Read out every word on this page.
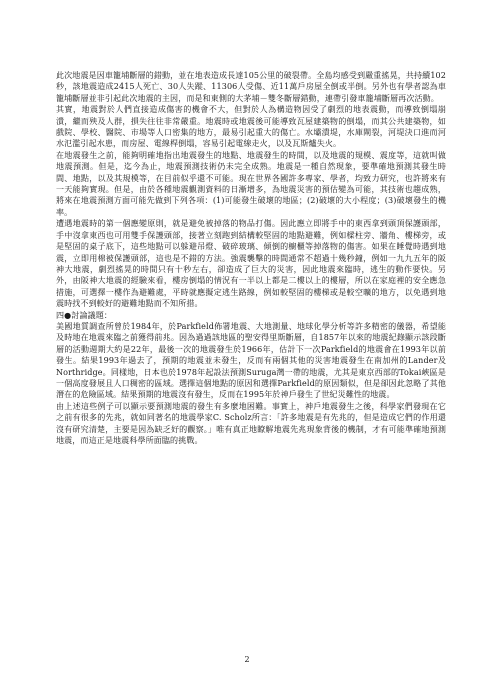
此次地震是因車籠埔斷層的錯動，並在地表造成長達105公里的破裂帶。全島均感受到嚴重搖晃，共持續102秒，該地震造成2415人死亡、30人失蹤、11306人受傷、近11萬戶房屋全倒或半倒。另外也有學者認為車籠埔斷層並非引起此次地震的主因，而是和東側的大茅埔－雙冬斷層錯動，連帶引發車籠埔斷層再次活動。

其實，地震對於人們直接造成傷害的機會不大，但對於人為構造物因受了劇烈的地表震動，而導致倒塌崩潰，繼而殃及人群，損失往往非常嚴重。地震時或地震後可能導致瓦屋建築物的倒塌，而其公共建築物，如戲院、學校、醫院、市場等人口密集的地方，最易引起重大的傷亡。水壩潰堤，水庫閘裂，河堤決口進而河水氾濫引起水患，而房屋、電線桿倒塌，容易引起電線走火，以及瓦斯爐失火。

在地震發生之前，能夠明確地指出地震發生的地點、地震發生的時間，以及地震的規模、震度等，這就叫做地震預測。但是，迄今為止，地震預測技術仍未完全成熟。地震是一種自然現象，要準確地預測其發生時間、地點，以及其規模等，在目前似乎還不可能。現在世界各國許多專家、學者，均致力研究，也許將來有一天能夠實現。但是，由於各種地震觀測資料的日漸增多，為地震災害的預估變為可能，其技術也趨成熟，將來在地震預測方面可能先做到下列各項：(1)可能發生破壞的地區；(2)破壞的大小程度；(3)破壞發生的機率。

遭遇地震時的第一個應變原則，就是避免被掉落的物品打傷。因此應立即將手中的東西拿到頭頂保護頭部，手中沒拿東西也可用雙手保護頭部，接著立刻跑到結構較堅固的地點避難，例如樑柱旁、牆角、樓梯旁，或是堅固的桌子底下，這些地點可以躲避吊燈、破碎玻璃、傾倒的櫥櫃等掉落物的傷害。如果在睡覺時遇到地震，立即用棉被保護頭部，這也是不錯的方法。強震襲擊的時間通常不超過十幾秒鐘，例如一九九五年的阪神大地震，劇烈搖晃的時間只有十秒左右，卻造成了巨大的災害，因此地震來臨時，逃生的動作要快。另外，由阪神大地震的經驗來看，樓房倒塌的情況有一半以上都是二樓以上的樓層，所以在家庭裡的安全應急措施，可選擇一樓作為避難處，平時就應擬定逃生路線，例如較堅固的樓梯或是較空曠的地方，以免遇到地震時找不到較好的避難地點而不知所措。

四●討論議題：

美國地質調查所曾於1984年，於Parkfield佈署地震、大地測量、地球化學分析等許多精密的儀器，希望能及時地在地震來臨之前獲得前兆。因為過過該地區的聖安得里斯斷層，自1857年以來的地震紀錄顯示該段斷層的活動週期大約是22年，最後一次的地震發生於1966年，估計下一次Parkfield的地震會在1993年以前發生。結果1993年過去了，預期的地震並未發生，反而有兩個其他的災害地震發生在南加州的Lander及Northridge。同樣地，日本也於1978年起設法預測Suruga灣一帶的地震，尤其是東京西部的Tokai峽區是一個高度發展且人口稠密的區域。選擇這個地點的原因和選擇Parkfield的原因類似，但是卻因此忽略了其他潛在的危險區域。結果預期的地震沒有發生，反而在1995年於神戶發生了世紀災難性的地震。

由上述這些例子可以顯示要預測地震的發生有多麼地困難。事實上，神戶地震發生之後，科學家們發現在它之前有很多的先兆，就如同著名的地震學家C. Scholz所言：「許多地震是有先兆的，但是造成它們的作用還沒有研究清楚，主要是因為缺乏好的觀察。」唯有真正地瞭解地震先兆現象背後的機制，才有可能準確地預測地震，而這正是地震科學所面臨的挑戰。

2
